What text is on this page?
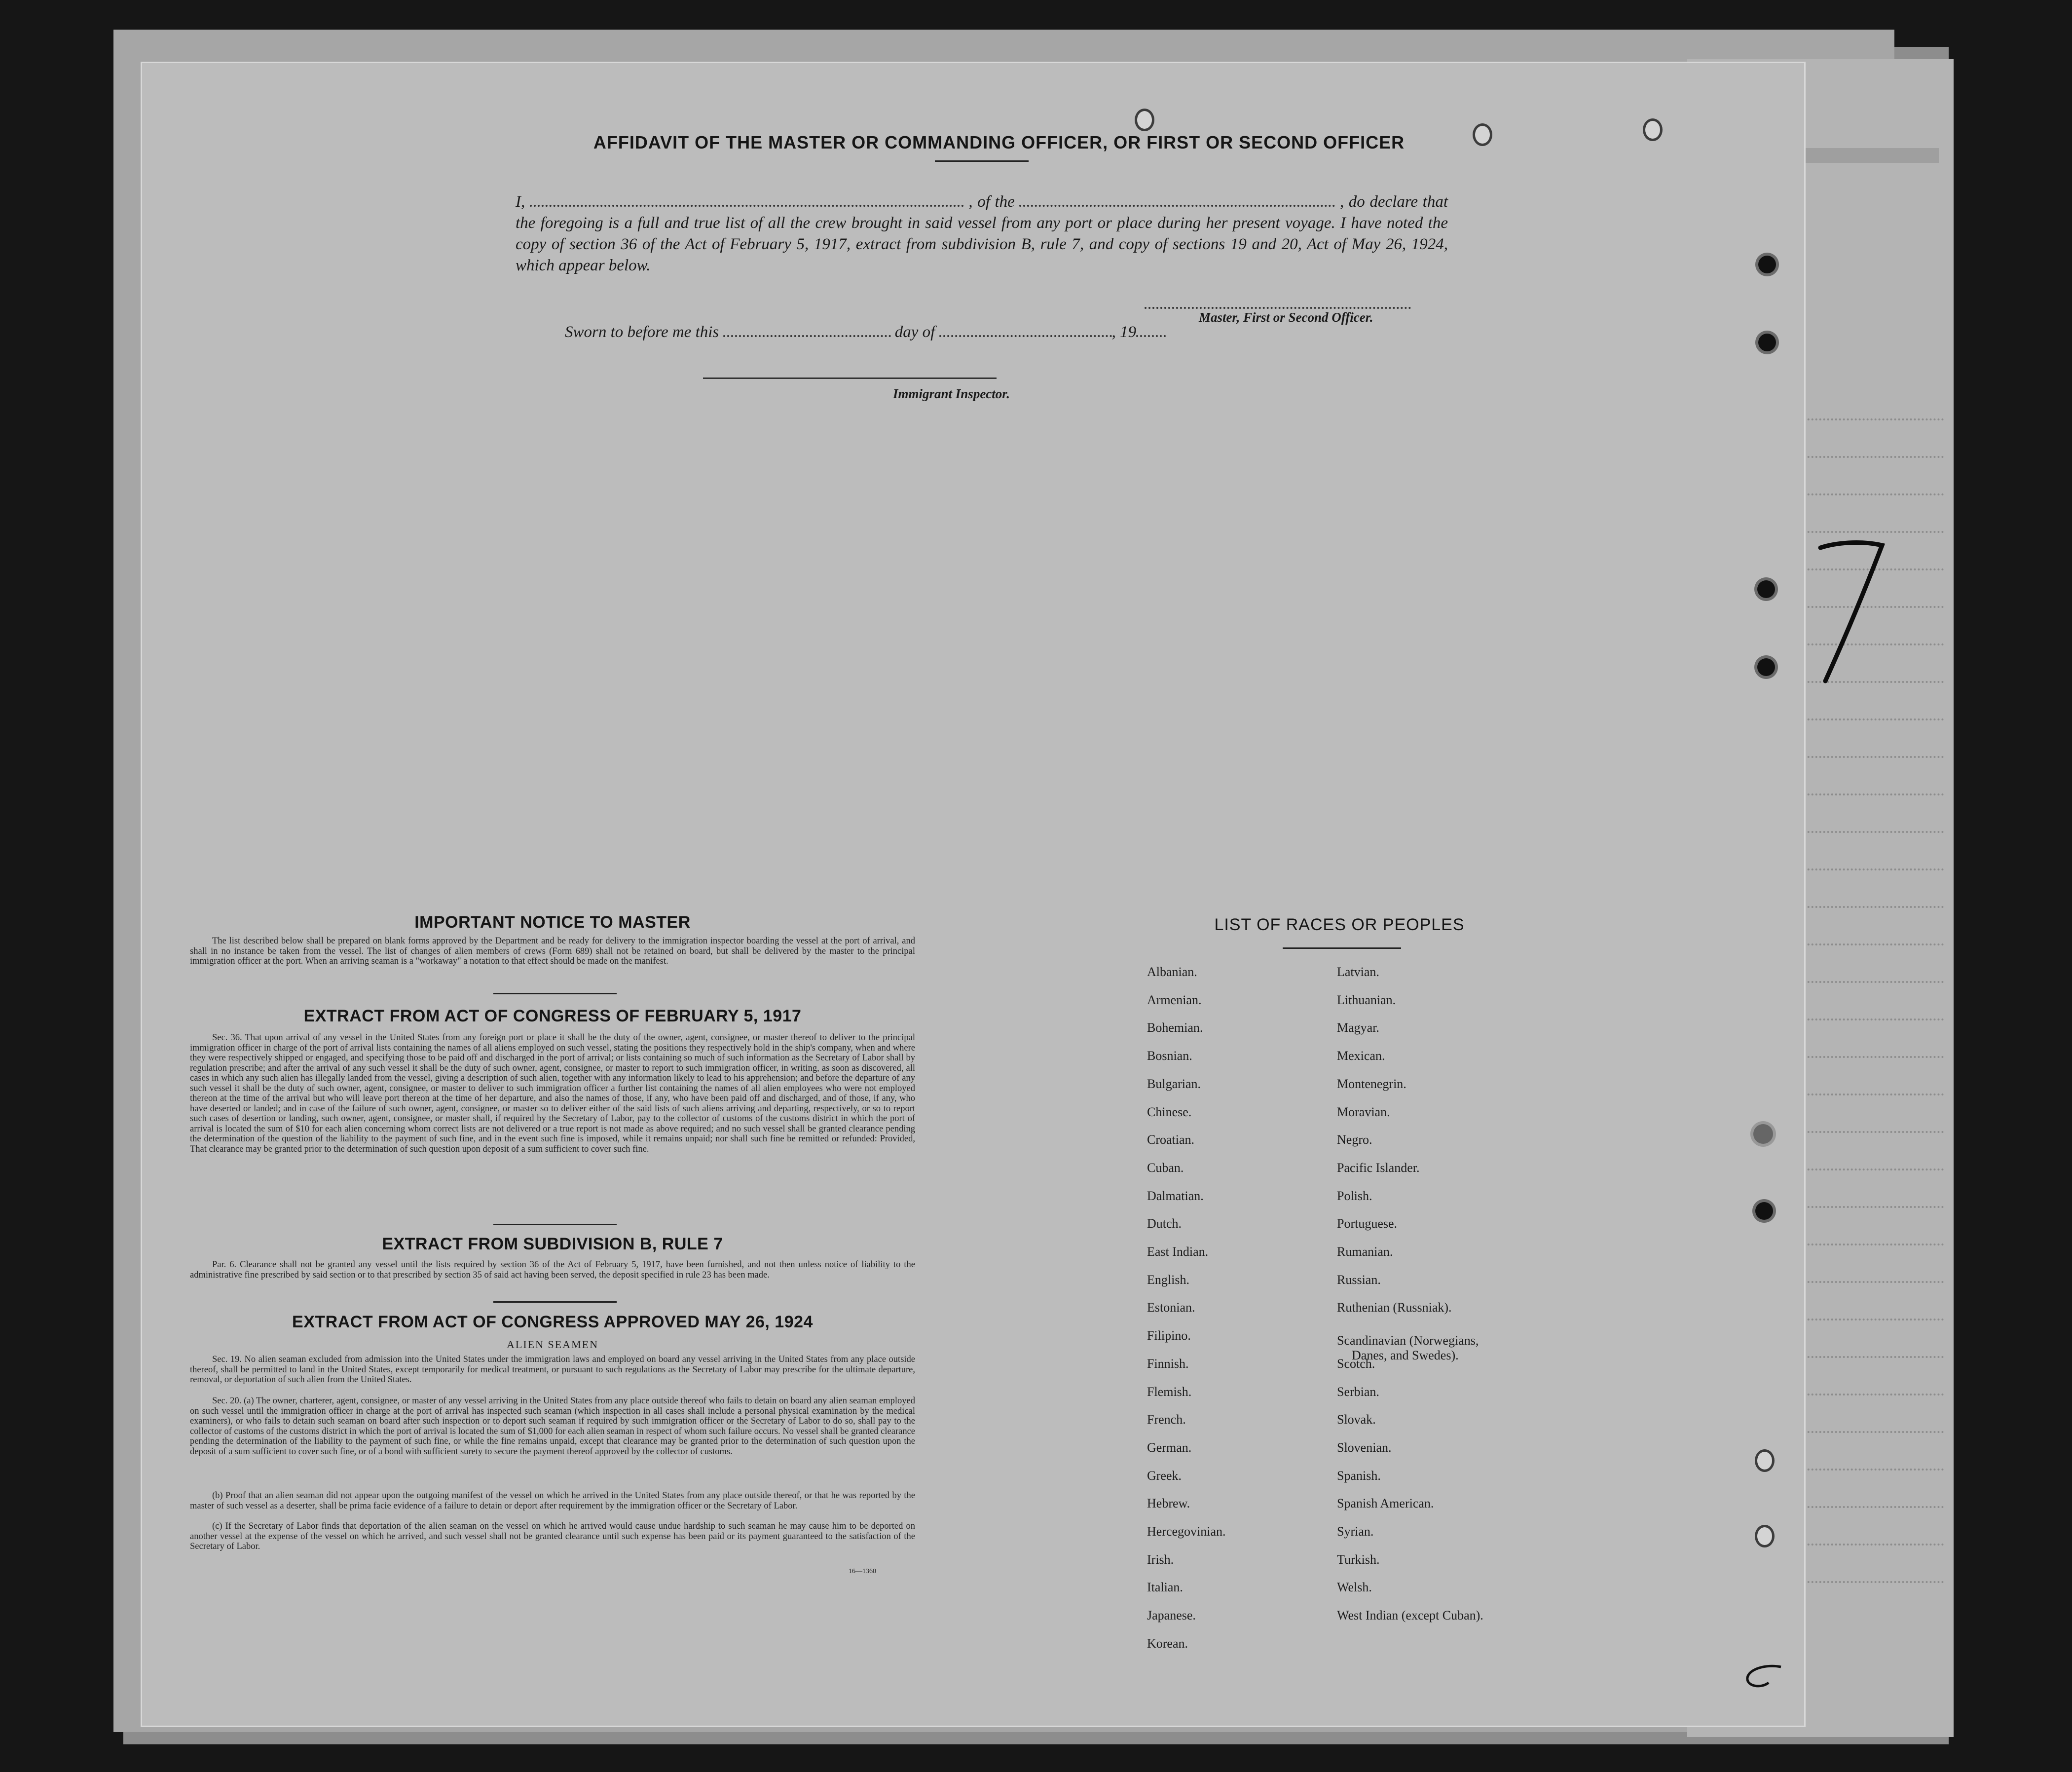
AFFIDAVIT OF THE MASTER OR COMMANDING OFFICER, OR FIRST OR SECOND OFFICER
I,	, of the	, do declare that the foregoing is a full and true list of all the crew brought in said vessel from any port or place during her present voyage. I have noted the copy of section 36 of the Act of February 5, 1917, extract from subdivision B, rule 7, and copy of sections 19 and 20, Act of May 26, 1924, which appear below.
Master, First or Second Officer.
Sworn to before me this	day of	, 19
Immigrant Inspector.
IMPORTANT NOTICE TO MASTER
The list described below shall be prepared on blank forms approved by the Department and be ready for delivery to the immigration inspector boarding the vessel at the port of arrival, and shall in no instance be taken from the vessel. The list of changes of alien members of crews (Form 689) shall not be retained on board, but shall be delivered by the master to the principal immigration officer at the port. When an arriving seaman is a "workaway" a notation to that effect should be made on the manifest.
EXTRACT FROM ACT OF CONGRESS OF FEBRUARY 5, 1917
Sec. 36. That upon arrival of any vessel in the United States from any foreign port or place it shall be the duty of the owner, agent, consignee, or master thereof to deliver to the principal immigration officer in charge of the port of arrival lists containing the names of all aliens employed on such vessel, stating the positions they respectively hold in the ship's company, when and where they were respectively shipped or engaged, and specifying those to be paid off and discharged in the port of arrival; or lists containing so much of such information as the Secretary of Labor shall by regulation prescribe; and after the arrival of any such vessel it shall be the duty of such owner, agent, consignee, or master to report to such immigration officer, in writing, as soon as discovered, all cases in which any such alien has illegally landed from the vessel, giving a description of such alien, together with any information likely to lead to his apprehension; and before the departure of any such vessel it shall be the duty of such owner, agent, consignee, or master to deliver to such immigration officer a further list containing the names of all alien employees who were not employed thereon at the time of the arrival but who will leave port thereon at the time of her departure, and also the names of those, if any, who have been paid off and discharged, and of those, if any, who have deserted or landed; and in case of the failure of such owner, agent, consignee, or master so to deliver either of the said lists of such aliens arriving and departing, respectively, or so to report such cases of desertion or landing, such owner, agent, consignee, or master shall, if required by the Secretary of Labor, pay to the collector of customs of the customs district in which the port of arrival is located the sum of $10 for each alien concerning whom correct lists are not delivered or a true report is not made as above required; and no such vessel shall be granted clearance pending the determination of the question of the liability to the payment of such fine, and in the event such fine is imposed, while it remains unpaid; nor shall such fine be remitted or refunded: Provided, That clearance may be granted prior to the determination of such question upon deposit of a sum sufficient to cover such fine.
EXTRACT FROM SUBDIVISION B, RULE 7
Par. 6. Clearance shall not be granted any vessel until the lists required by section 36 of the Act of February 5, 1917, have been furnished, and not then unless notice of liability to the administrative fine prescribed by said section or to that prescribed by section 35 of said act having been served, the deposit specified in rule 23 has been made.
EXTRACT FROM ACT OF CONGRESS APPROVED MAY 26, 1924
ALIEN SEAMEN
Sec. 19. No alien seaman excluded from admission into the United States under the immigration laws and employed on board any vessel arriving in the United States from any place outside thereof, shall be permitted to land in the United States, except temporarily for medical treatment, or pursuant to such regulations as the Secretary of Labor may prescribe for the ultimate departure, removal, or deportation of such alien from the United States.
Sec. 20. (a) The owner, charterer, agent, consignee, or master of any vessel arriving in the United States from any place outside thereof who fails to detain on board any alien seaman employed on such vessel until the immigration officer in charge at the port of arrival has inspected such seaman (which inspection in all cases shall include a personal physical examination by the medical examiners), or who fails to detain such seaman on board after such inspection or to deport such seaman if required by such immigration officer or the Secretary of Labor to do so, shall pay to the collector of customs of the customs district in which the port of arrival is located the sum of $1,000 for each alien seaman in respect of whom such failure occurs. No vessel shall be granted clearance pending the determination of the liability to the payment of such fine, or while the fine remains unpaid, except that clearance may be granted prior to the determination of such question upon the deposit of a sum sufficient to cover such fine, or of a bond with sufficient surety to secure the payment thereof approved by the collector of customs.
(b) Proof that an alien seaman did not appear upon the outgoing manifest of the vessel on which he arrived in the United States from any place outside thereof, or that he was reported by the master of such vessel as a deserter, shall be prima facie evidence of a failure to detain or deport after requirement by the immigration officer or the Secretary of Labor.
(c) If the Secretary of Labor finds that deportation of the alien seaman on the vessel on which he arrived would cause undue hardship to such seaman he may cause him to be deported on another vessel at the expense of the vessel on which he arrived, and such vessel shall not be granted clearance until such expense has been paid or its payment guaranteed to the satisfaction of the Secretary of Labor.
16—1360
LIST OF RACES OR PEOPLES
Albanian.
Armenian.
Bohemian.
Bosnian.
Bulgarian.
Chinese.
Croatian.
Cuban.
Dalmatian.
Dutch.
East Indian.
English.
Estonian.
Filipino.
Finnish.
Flemish.
French.
German.
Greek.
Hebrew.
Hercegovinian.
Irish.
Italian.
Japanese.
Korean.
Latvian.
Lithuanian.
Magyar.
Mexican.
Montenegrin.
Moravian.
Negro.
Pacific Islander.
Polish.
Portuguese.
Rumanian.
Russian.
Ruthenian (Russniak).
Scandinavian (Norwegians,
Danes, and Swedes).
Scotch.
Serbian.
Slovak.
Slovenian.
Spanish.
Spanish American.
Syrian.
Turkish.
Welsh.
West Indian (except Cuban).
